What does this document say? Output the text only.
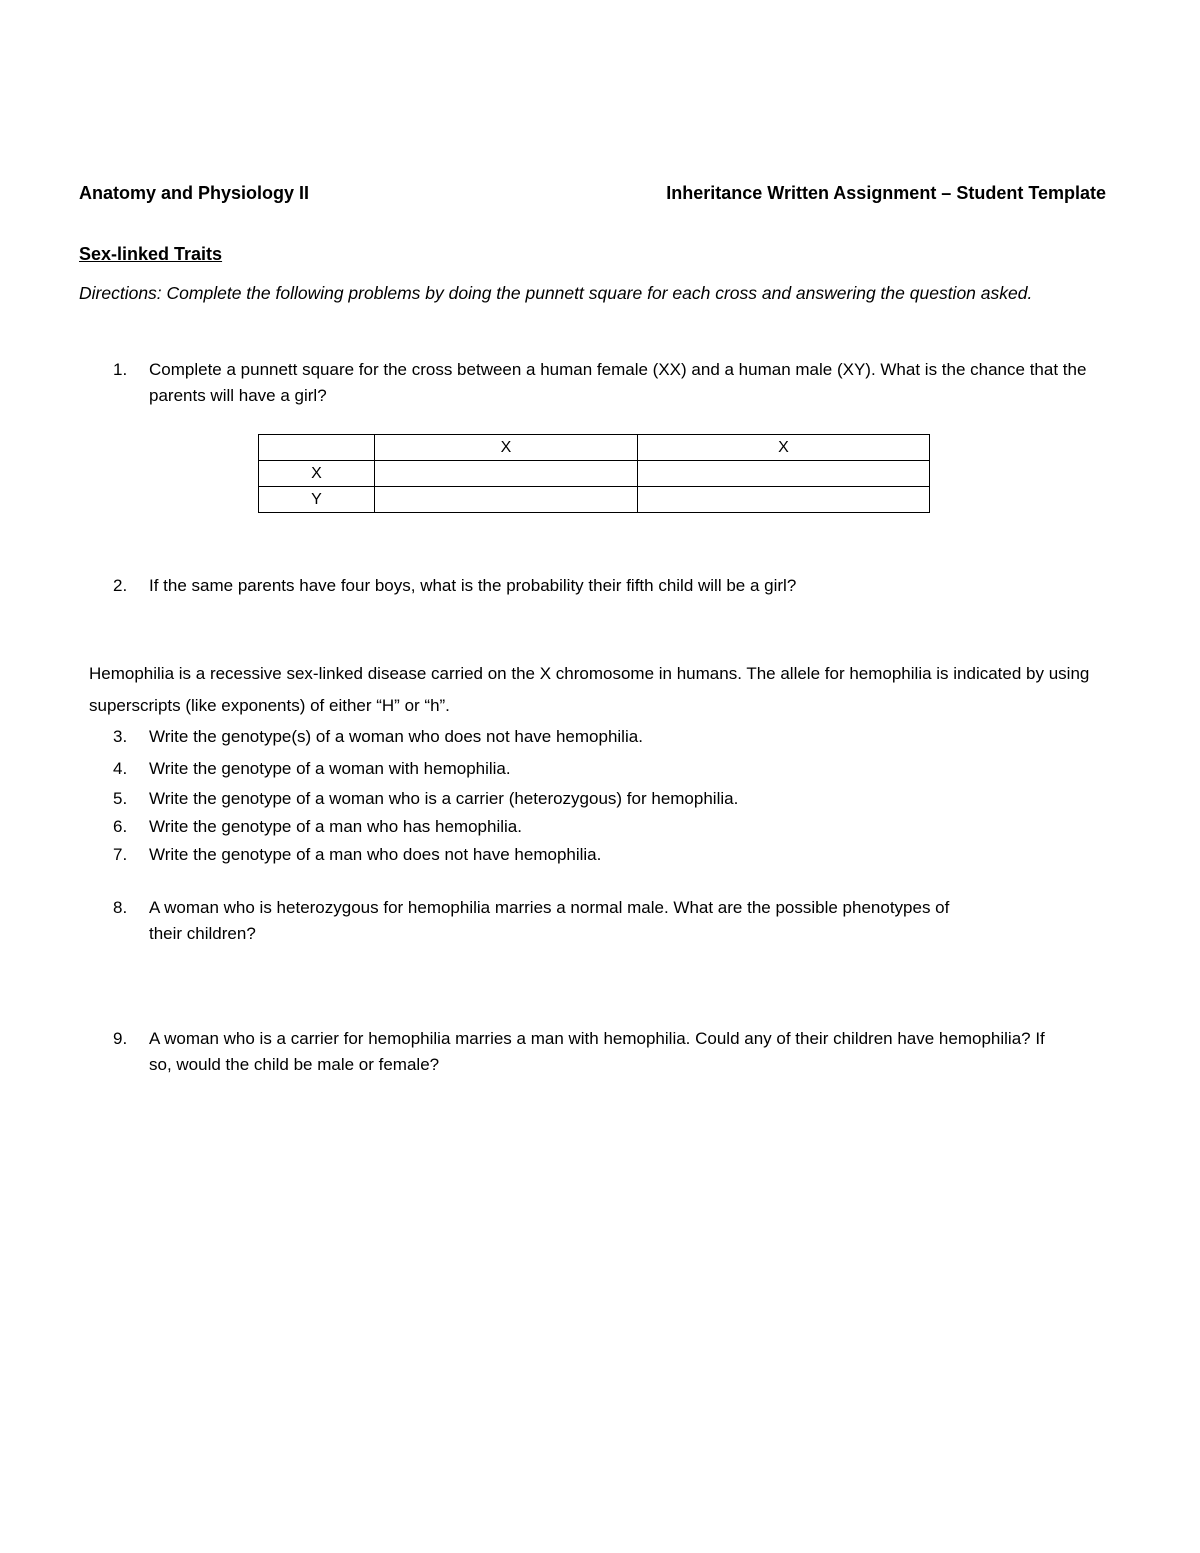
Anatomy and Physiology II	Inheritance Written Assignment – Student Template
Sex-linked Traits
Directions: Complete the following problems by doing the punnett square for each cross and answering the question asked.
1.	Complete a punnett square for the cross between a human female (XX) and a human male (XY). What is the chance that the parents will have a girl?
	X	X
X		
Y		
2.	If the same parents have four boys, what is the probability their fifth child will be a girl?
Hemophilia is a recessive sex-linked disease carried on the X chromosome in humans. The allele for hemophilia is indicated by using superscripts (like exponents) of either “H” or “h”.
3.	Write the genotype(s) of a woman who does not have hemophilia.
4.	Write the genotype of a woman with hemophilia.
5.	Write the genotype of a woman who is a carrier (heterozygous) for hemophilia.
6.	Write the genotype of a man who has hemophilia.
7.	Write the genotype of a man who does not have hemophilia.
8.	A woman who is heterozygous for hemophilia marries a normal male. What are the possible phenotypes of their children?
9.	A woman who is a carrier for hemophilia marries a man with hemophilia. Could any of their children have hemophilia? If so, would the child be male or female?
